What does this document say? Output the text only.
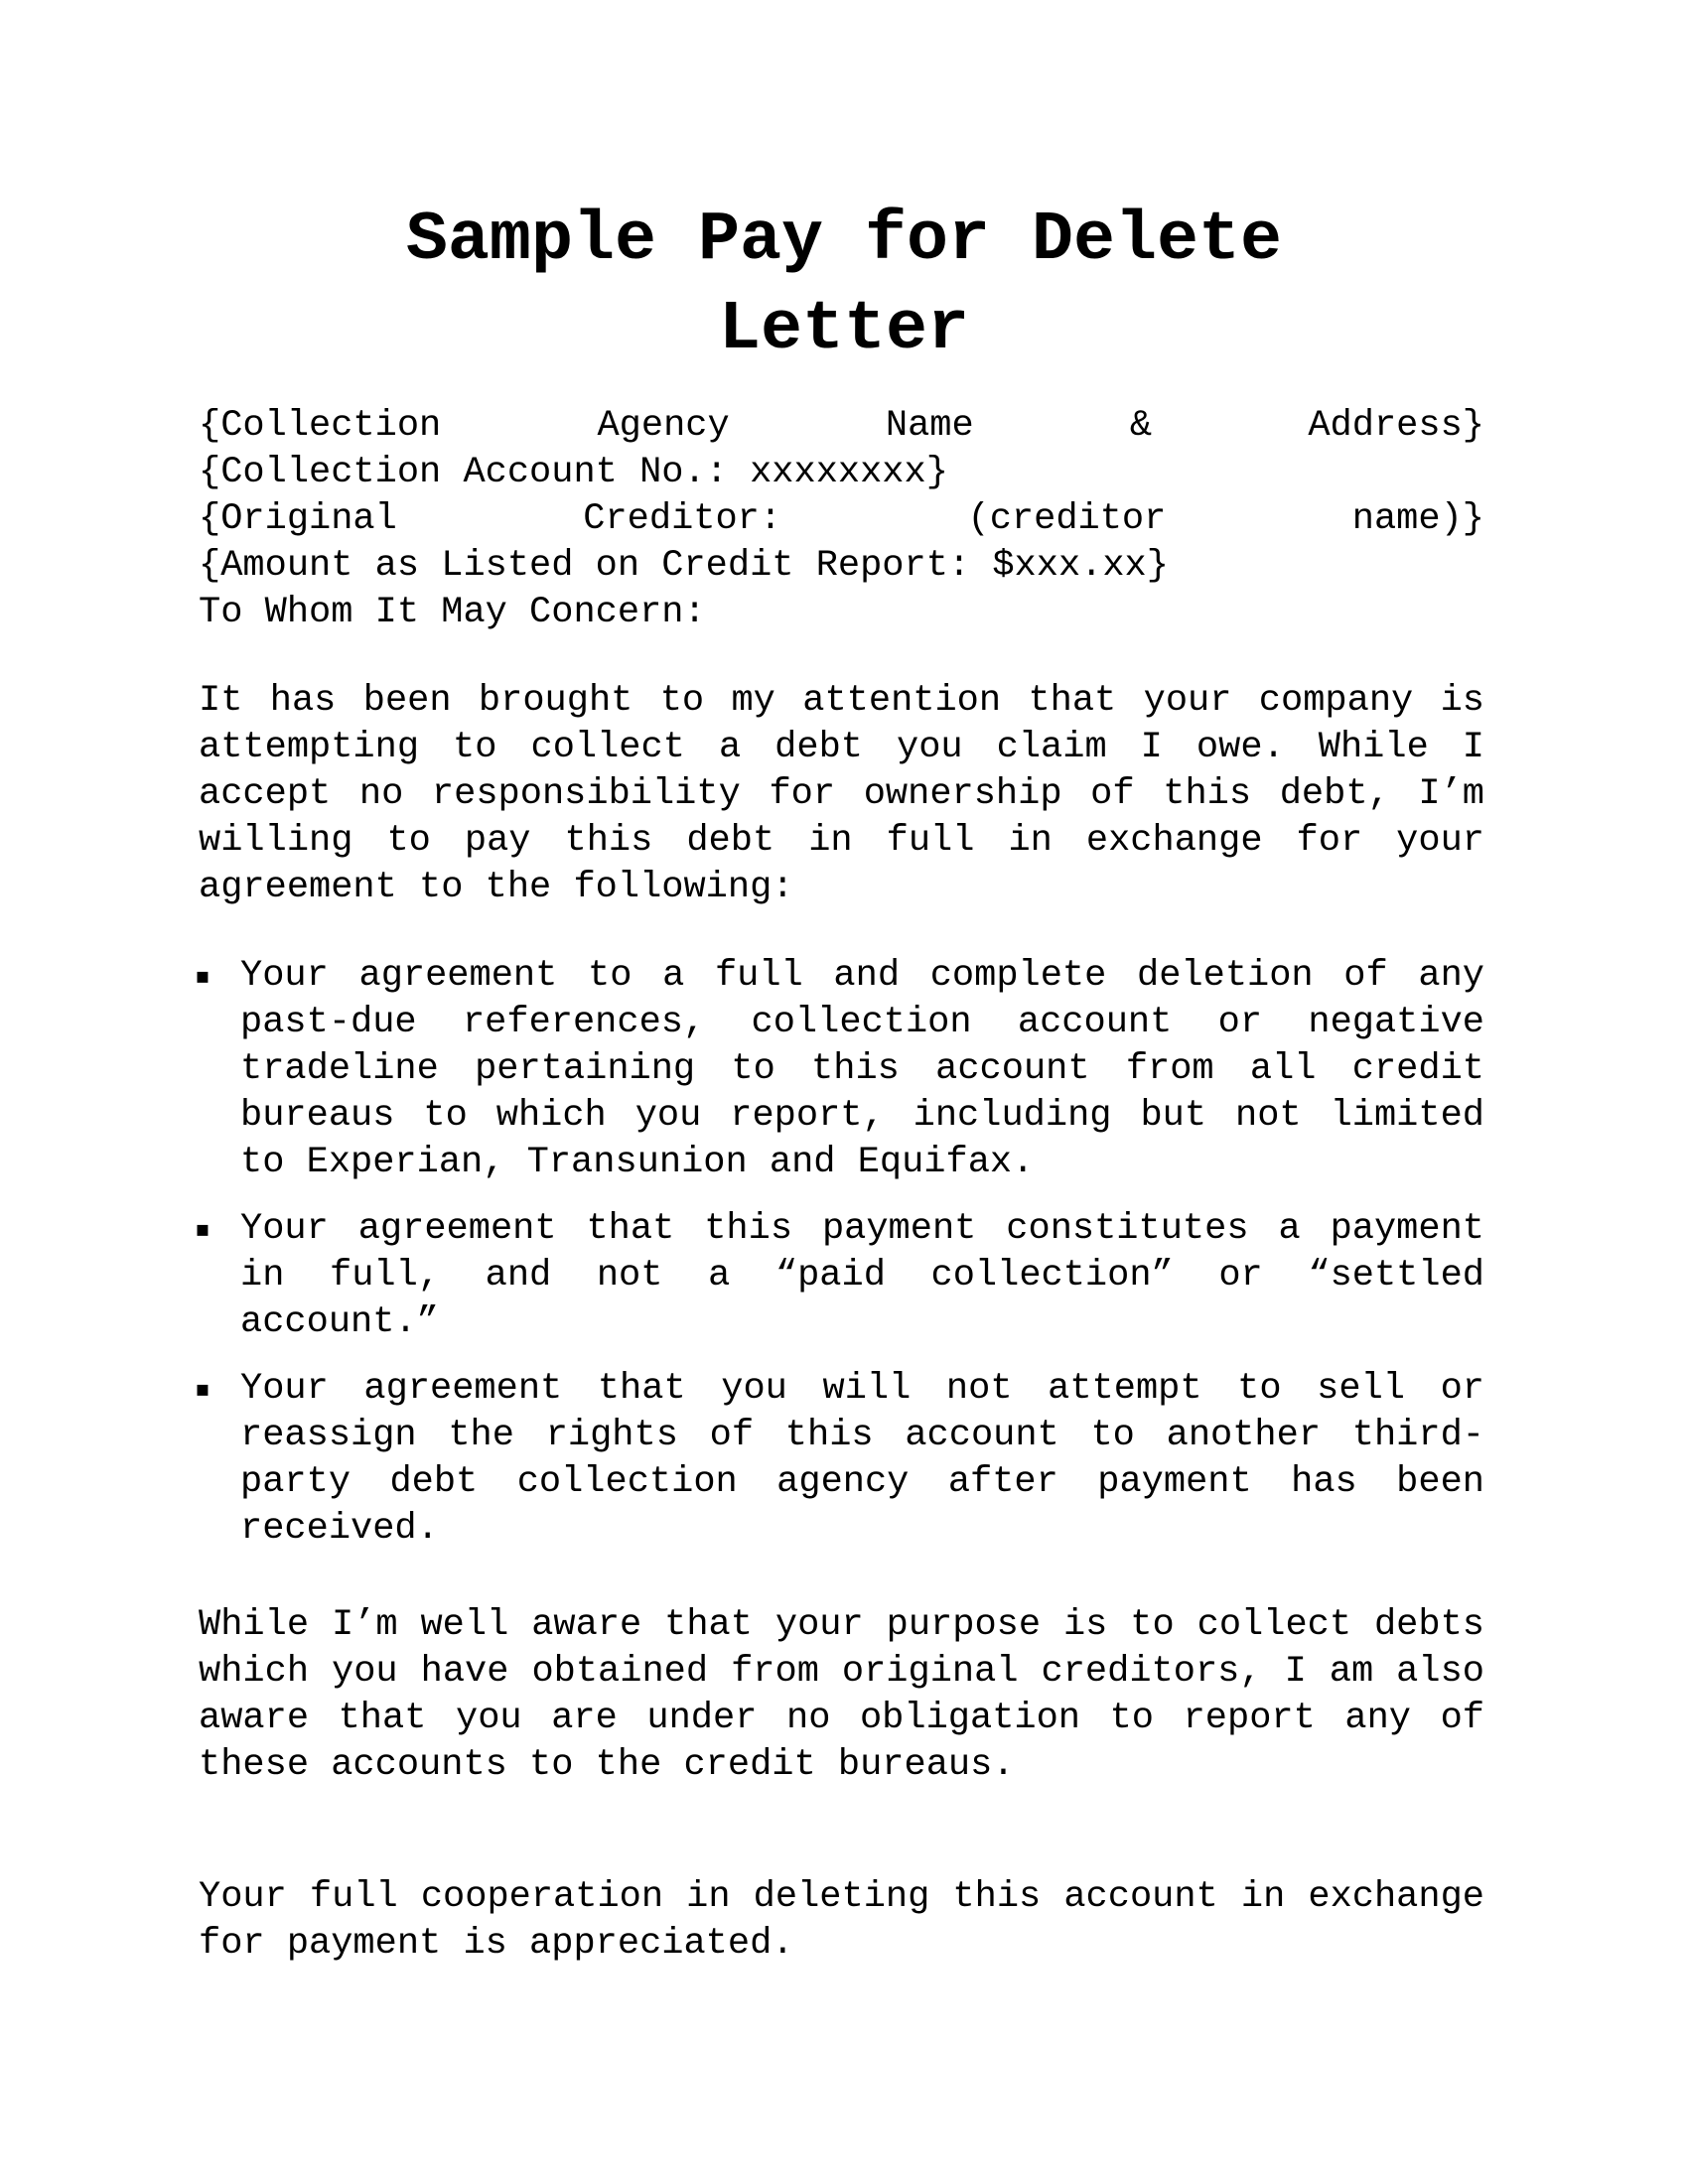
Sample Pay for Delete
Letter
{Collection	Agency	Name	&	Address}
{Collection Account No.: xxxxxxxx}
{Original	Creditor:	(creditor	name)}
{Amount as Listed on Credit Report: $xxx.xx}
To Whom It May Concern:

It has been brought to my attention that your company is attempting to collect a debt you claim I owe. While I accept no responsibility for ownership of this debt, I’m willing to pay this debt in full in exchange for your agreement to the following:

▪ Your agreement to a full and complete deletion of any past-due references, collection account or negative tradeline pertaining to this account from all credit bureaus to which you report, including but not limited to Experian, Transunion and Equifax.
▪ Your agreement that this payment constitutes a payment in full, and not a “paid collection” or “settled account.”
▪ Your agreement that you will not attempt to sell or reassign the rights of this account to another third-party debt collection agency after payment has been received.

While I’m well aware that your purpose is to collect debts which you have obtained from original creditors, I am also aware that you are under no obligation to report any of these accounts to the credit bureaus.

Your full cooperation in deleting this account in exchange for payment is appreciated.
